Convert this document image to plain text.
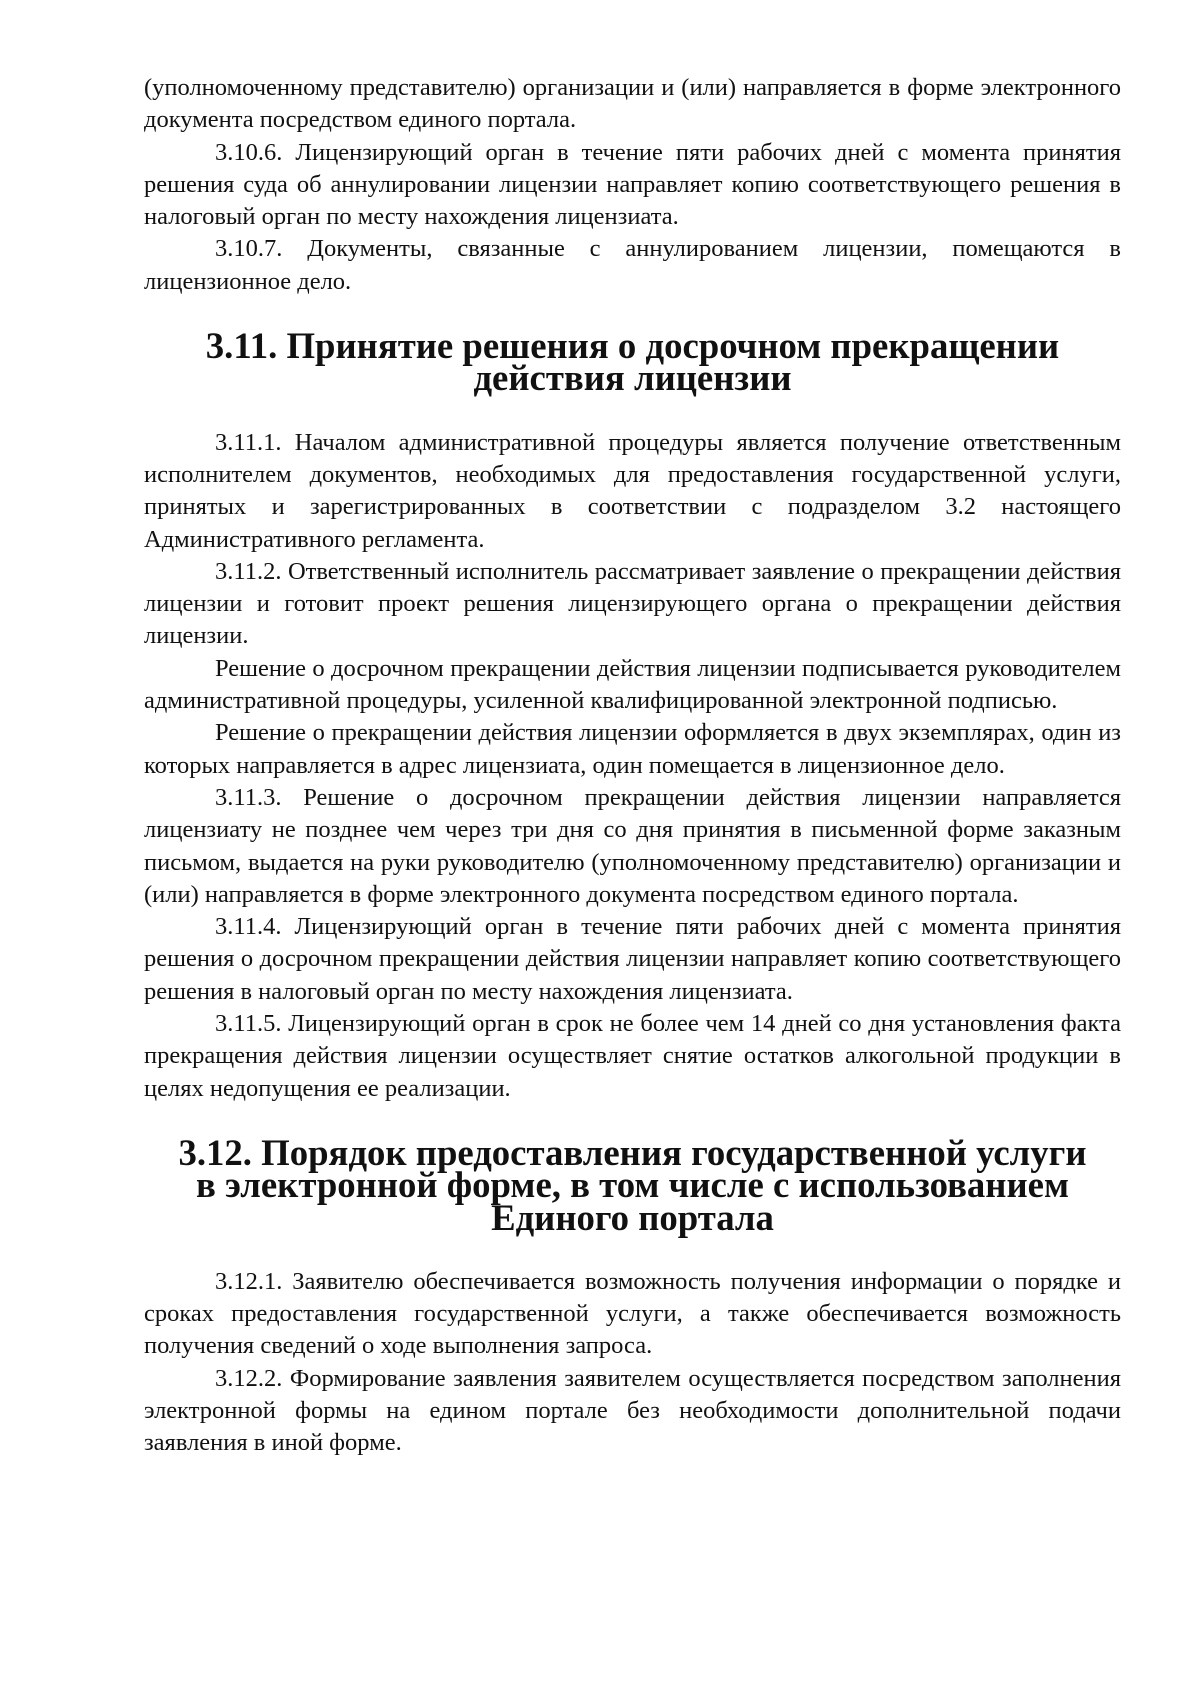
(уполномоченному представителю) организации и (или) направляется в форме электронного документа посредством единого портала.

3.10.6. Лицензирующий орган в течение пяти рабочих дней с момента принятия решения суда об аннулировании лицензии направляет копию соответствующего решения в налоговый орган по месту нахождения лицензиата.

3.10.7. Документы, связанные с аннулированием лицензии, помещаются в лицензионное дело.

3.11. Принятие решения о досрочном прекращении действия лицензии

3.11.1. Началом административной процедуры является получение ответственным исполнителем документов, необходимых для предоставления государственной услуги, принятых и зарегистрированных в соответствии с подразделом 3.2 настоящего Административного регламента.

3.11.2. Ответственный исполнитель рассматривает заявление о прекращении действия лицензии и готовит проект решения лицензирующего органа о прекращении действия лицензии.

Решение о досрочном прекращении действия лицензии подписывается руководителем административной процедуры, усиленной квалифицированной электронной подписью.

Решение о прекращении действия лицензии оформляется в двух экземплярах, один из которых направляется в адрес лицензиата, один помещается в лицензионное дело.

3.11.3. Решение о досрочном прекращении действия лицензии направляется лицензиату не позднее чем через три дня со дня принятия в письменной форме заказным письмом, выдается на руки руководителю (уполномоченному представителю) организации и (или) направляется в форме электронного документа посредством единого портала.

3.11.4. Лицензирующий орган в течение пяти рабочих дней с момента принятия решения о досрочном прекращении действия лицензии направляет копию соответствующего решения в налоговый орган по месту нахождения лицензиата.

3.11.5. Лицензирующий орган в срок не более чем 14 дней со дня установления факта прекращения действия лицензии осуществляет снятие остатков алкогольной продукции в целях недопущения ее реализации.

3.12. Порядок предоставления государственной услуги
в электронной форме, в том числе с использованием Единого портала

3.12.1. Заявителю обеспечивается возможность получения информации о порядке и сроках предоставления государственной услуги, а также обеспечивается возможность получения сведений о ходе выполнения запроса.

3.12.2. Формирование заявления заявителем осуществляется посредством заполнения электронной формы на едином портале без необходимости дополнительной подачи заявления в иной форме.
